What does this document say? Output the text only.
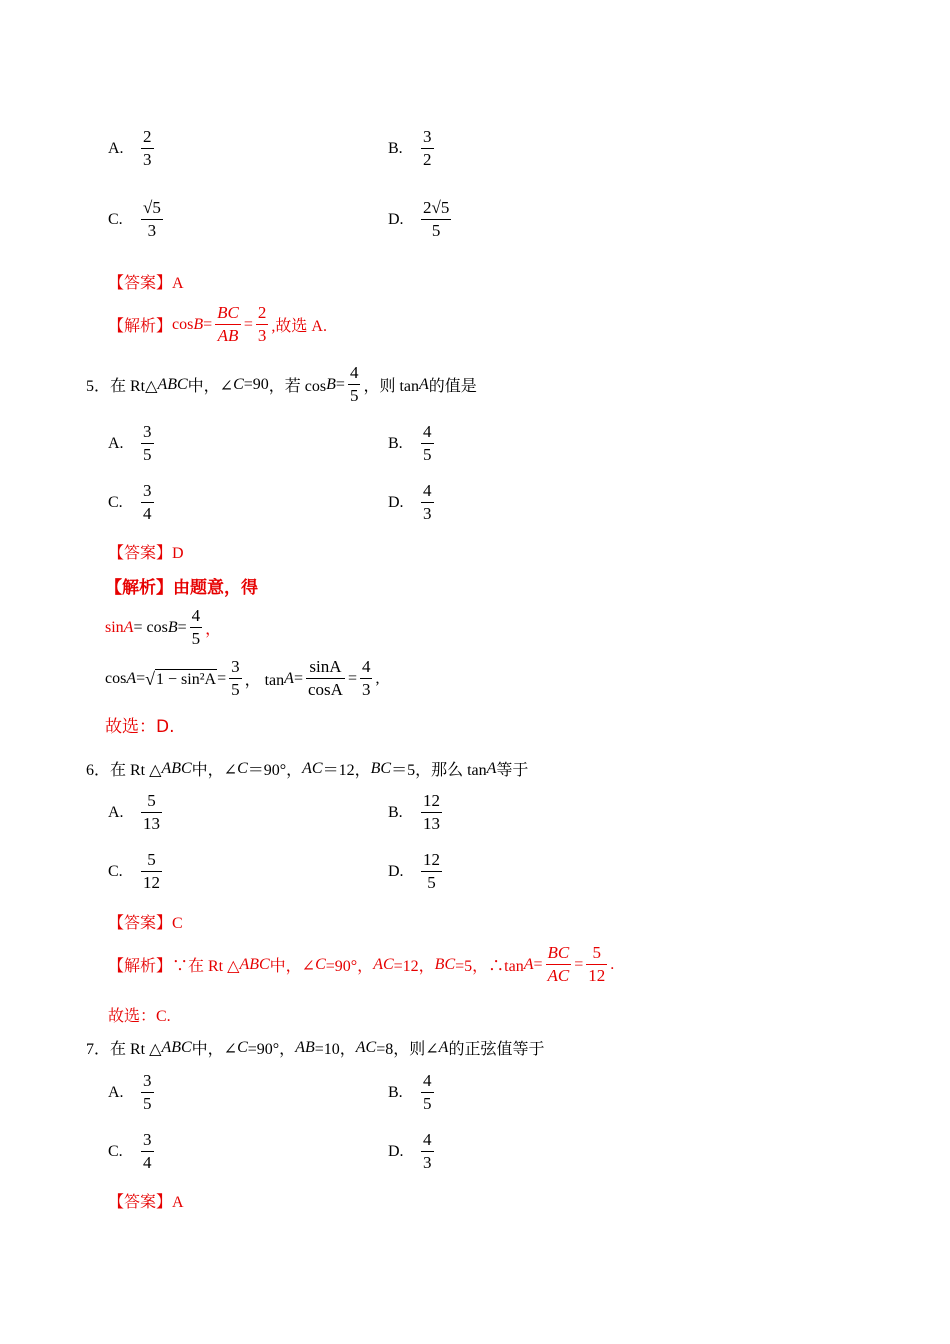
A.	$\frac{2}{3}$	B.	$\frac{3}{2}$
C.	$\frac{√5}{3}$	D.	$\frac{2√5}{5}$
【答案】A
【解析】 $\cos B = \frac{BC}{AB} = \frac{2}{3}$ ,故选 A.
5．在 Rt△ ABC 中，∠ C =90 ，若 $\cos B = \frac{4}{5}$ ，则 tan A 的值是
A.	$\frac{3}{5}$	B.	$\frac{4}{5}$
C.	$\frac{3}{4}$	D.	$\frac{4}{3}$
【答案】D
【解析】由题意，得
$\sin A = \cos B = \frac{4}{5}$ ，
cos A = √ $1 - \sin^2A = \frac{3}{5}$ ， $\tan A = \frac{\sin A}{\cos A} = \frac{4}{3}$ ,
故选：D.
6．在 Rt △ ABC 中，∠ C ＝90°， AC ＝12， BC ＝5，那么 tan A 等于
A.	$\frac{5}{13}$	B.	$\frac{12}{13}$
C.	$\frac{5}{12}$	D.	$\frac{12}{5}$
【答案】C
【解析】∵在 Rt △ ABC 中，∠ C =90°， AC =12， BC =5，∴tan $A = \frac{BC}{AC} = \frac{5}{12}$ .
故选：C.
7．在 Rt △ ABC 中，∠ C =90°， AB =10， AC =8，则∠ A 的正弦值等于
A.	$\frac{3}{5}$	B.	$\frac{4}{5}$
C.	$\frac{3}{4}$	D.	$\frac{4}{3}$
【答案】A
